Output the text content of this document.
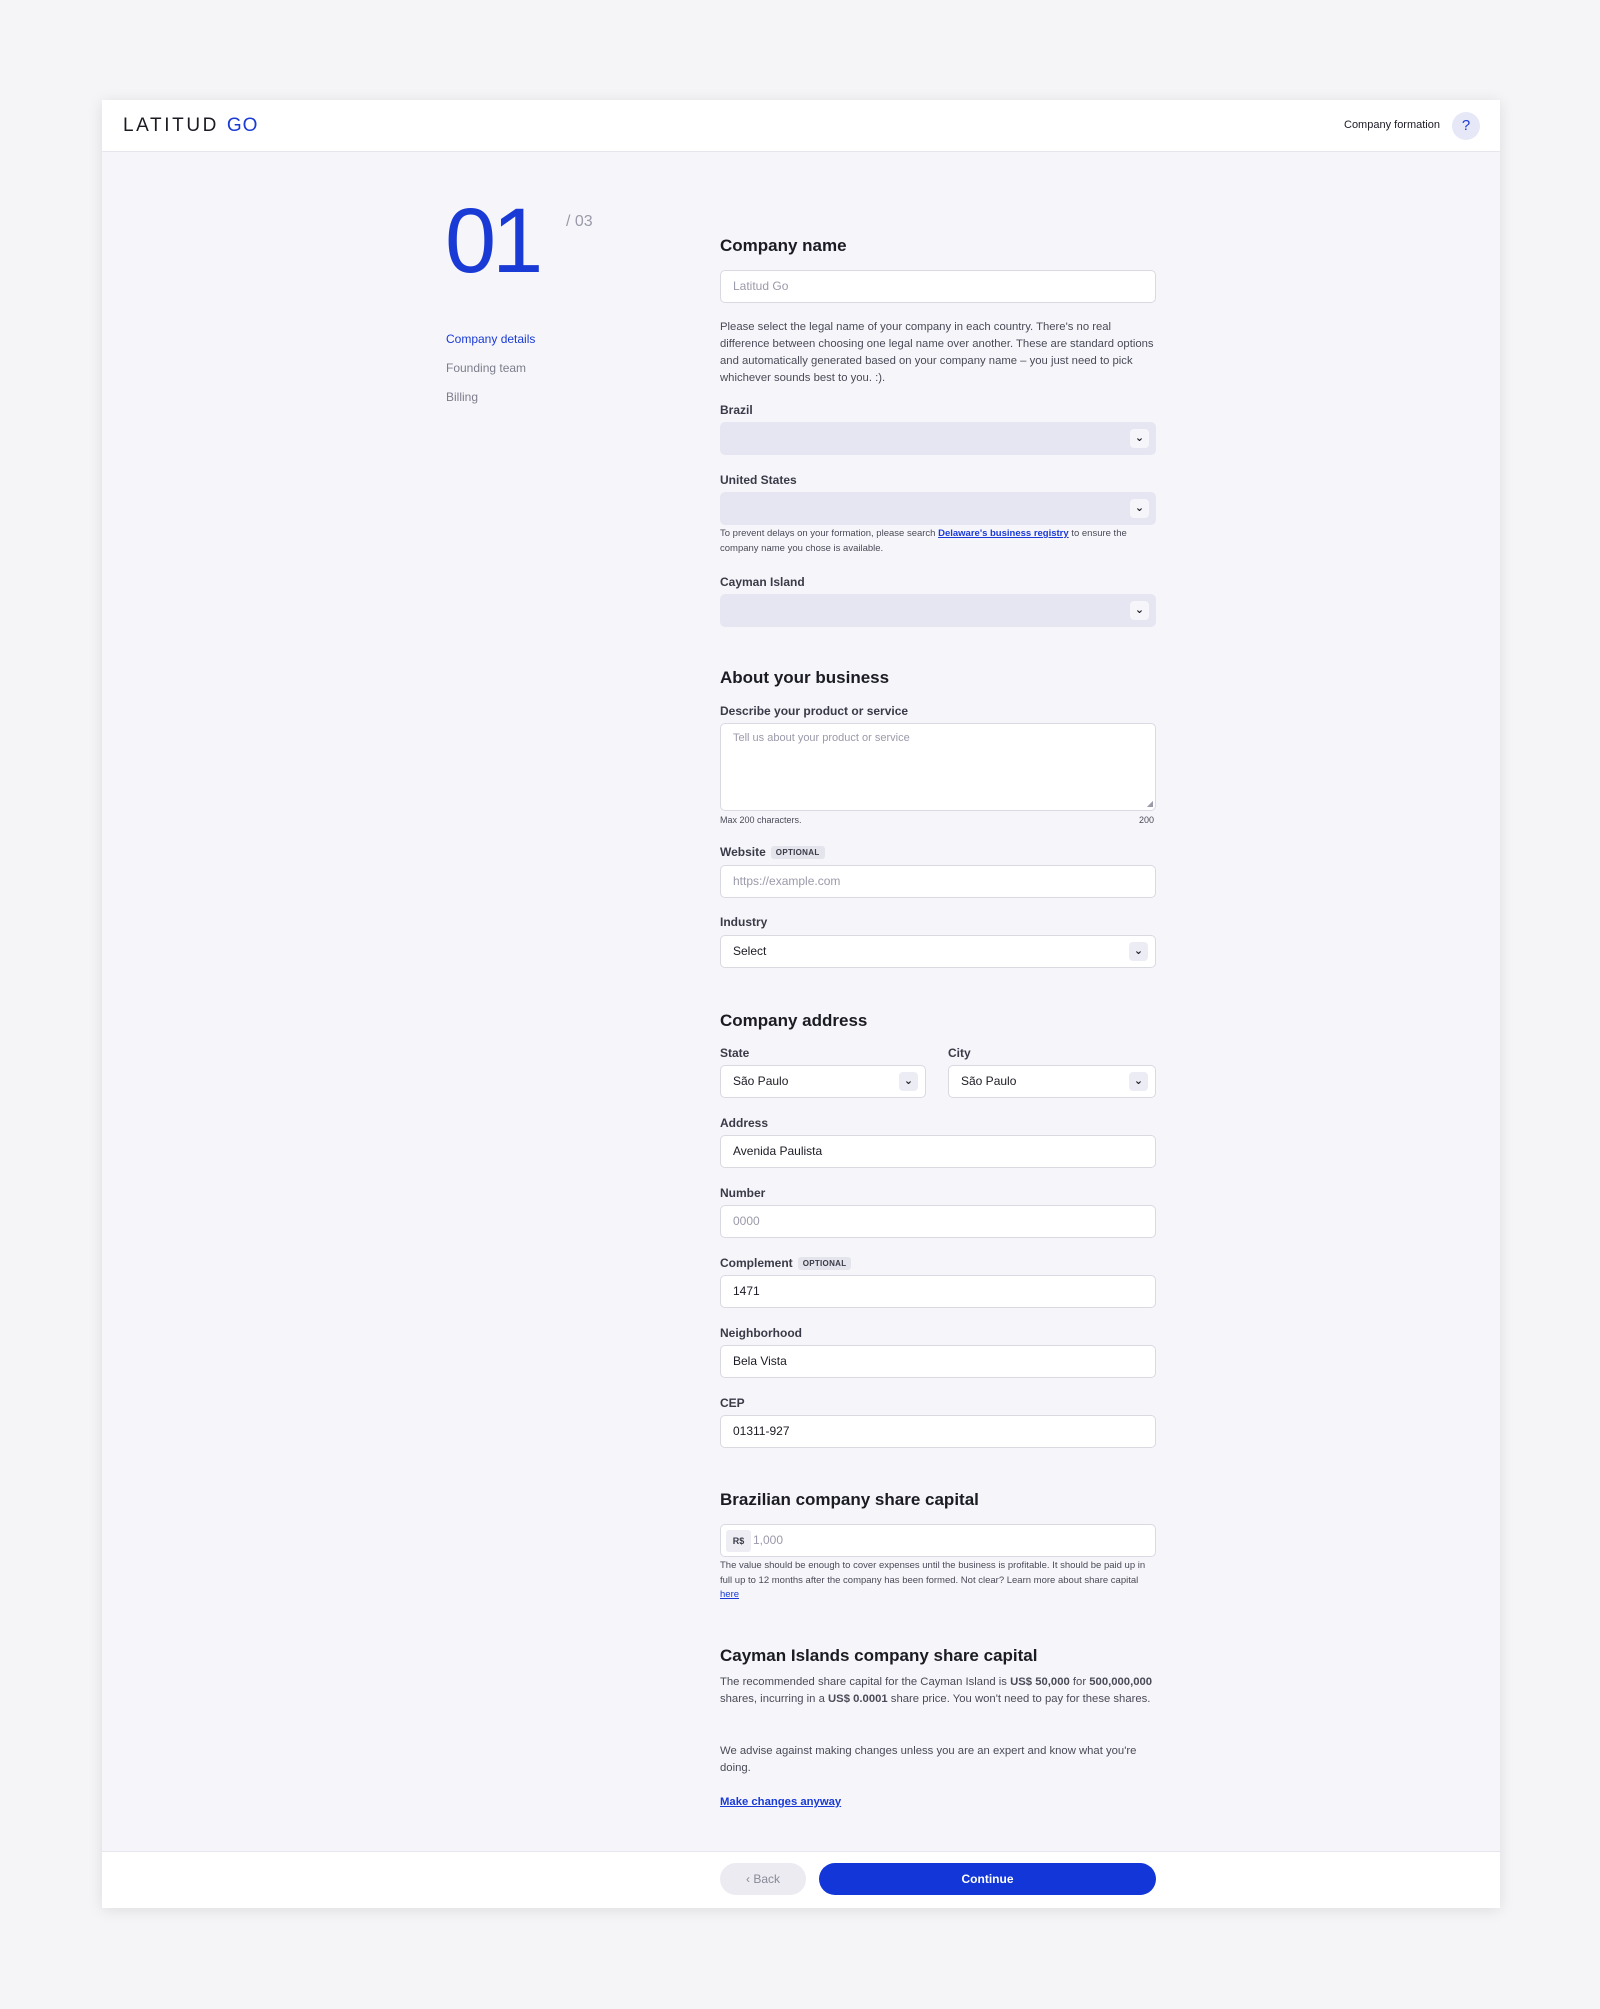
LATITUD GO	Company formation	?
01 / 03
Company details
Founding team
Billing
Company name
Latitud Go
Please select the legal name of your company in each country. There's no real difference between choosing one legal name over another. These are standard options and automatically generated based on your company name – you just need to pick whichever sounds best to you. :).
Brazil
⌄
United States
⌄
To prevent delays on your formation, please search Delaware's business registry to ensure the company name you chose is available.
Cayman Island
⌄
About your business
Describe your product or service
Tell us about your product or service
◢
Max 200 characters.	200
Website OPTIONAL
https://example.com
Industry
Select	⌄
Company address
State
São Paulo	⌄
City
São Paulo	⌄
Address
Avenida Paulista
Number
0000
Complement OPTIONAL
1471
Neighborhood
Bela Vista
CEP
01311-927
Brazilian company share capital
R$ 1,000
The value should be enough to cover expenses until the business is profitable. It should be paid up in full up to 12 months after the company has been formed. Not clear? Learn more about share capital here
Cayman Islands company share capital
The recommended share capital for the Cayman Island is US$ 50,000 for 500,000,000 shares, incurring in a US$ 0.0001 share price. You won't need to pay for these shares.
We advise against making changes unless you are an expert and know what you're doing.
Make changes anyway
‹ Back	Continue
